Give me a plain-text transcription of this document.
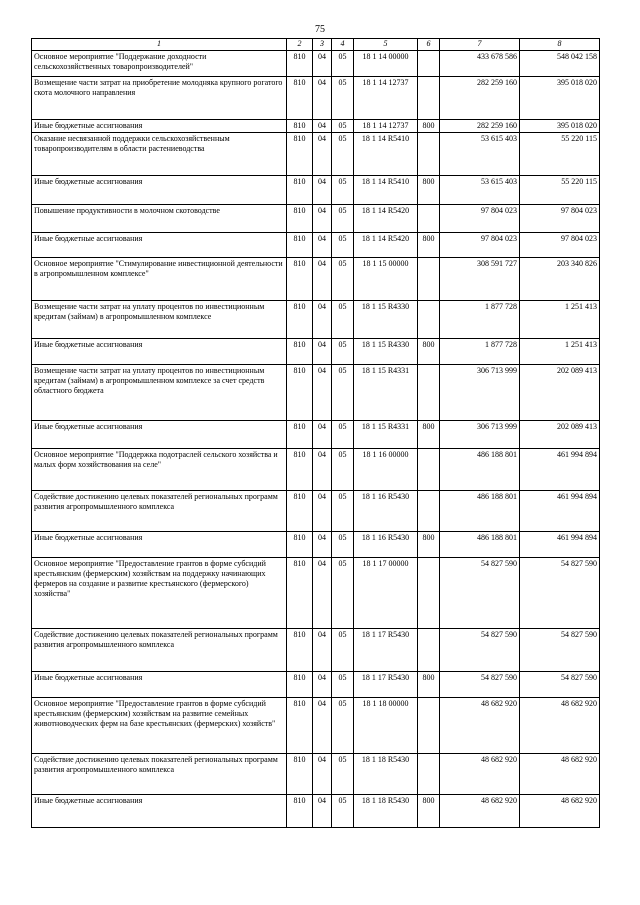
75
1	2	3	4	5	6	7	8
Основное мероприятие "Поддержание доходности сельскохозяйственных товаропроизводителей"	810	04	05	18 1 14 00000		433 678 586	548 042 158
Возмещение части затрат на приобретение молодняка крупного рогатого скота молочного направления	810	04	05	18 1 14 12737		282 259 160	395 018 020
Иные бюджетные ассигнования	810	04	05	18 1 14 12737	800	282 259 160	395 018 020
Оказание несвязанной поддержки сельскохозяйственным товаропроизводителям в области растениеводства	810	04	05	18 1 14 R5410		53 615 403	55 220 115
Иные бюджетные ассигнования	810	04	05	18 1 14 R5410	800	53 615 403	55 220 115
Повышение продуктивности в молочном скотоводстве	810	04	05	18 1 14 R5420		97 804 023	97 804 023
Иные бюджетные ассигнования	810	04	05	18 1 14 R5420	800	97 804 023	97 804 023
Основное мероприятие "Стимулирование инвестиционной деятельности в агропромышленном комплексе"	810	04	05	18 1 15 00000		308 591 727	203 340 826
Возмещение части затрат на уплату процентов по инвестиционным кредитам (займам) в агропромышленном комплексе	810	04	05	18 1 15 R4330		1 877 728	1 251 413
Иные бюджетные ассигнования	810	04	05	18 1 15 R4330	800	1 877 728	1 251 413
Возмещение части затрат на уплату процентов по инвестиционным кредитам (займам) в агропромышленном комплексе за счет средств областного бюджета	810	04	05	18 1 15 R4331		306 713 999	202 089 413
Иные бюджетные ассигнования	810	04	05	18 1 15 R4331	800	306 713 999	202 089 413
Основное мероприятие "Поддержка подотраслей сельского хозяйства и малых форм хозяйствования на селе"	810	04	05	18 1 16 00000		486 188 801	461 994 894
Содействие достижению целевых показателей региональных программ развития агропромышленного комплекса	810	04	05	18 1 16 R5430		486 188 801	461 994 894
Иные бюджетные ассигнования	810	04	05	18 1 16 R5430	800	486 188 801	461 994 894
Основное мероприятие "Предоставление грантов в форме субсидий крестьянским (фермерским) хозяйствам на поддержку начинающих фермеров на создание и развитие крестьянского (фермерского) хозяйства"	810	04	05	18 1 17 00000		54 827 590	54 827 590
Содействие достижению целевых показателей региональных программ развития агропромышленного комплекса	810	04	05	18 1 17 R5430		54 827 590	54 827 590
Иные бюджетные ассигнования	810	04	05	18 1 17 R5430	800	54 827 590	54 827 590
Основное мероприятие "Предоставление грантов в форме субсидий крестьянским (фермерским) хозяйствам на развитие семейных животноводческих ферм на базе крестьянских (фермерских) хозяйств"	810	04	05	18 1 18 00000		48 682 920	48 682 920
Содействие достижению целевых показателей региональных программ развития агропромышленного комплекса	810	04	05	18 1 18 R5430		48 682 920	48 682 920
Иные бюджетные ассигнования	810	04	05	18 1 18 R5430	800	48 682 920	48 682 920
